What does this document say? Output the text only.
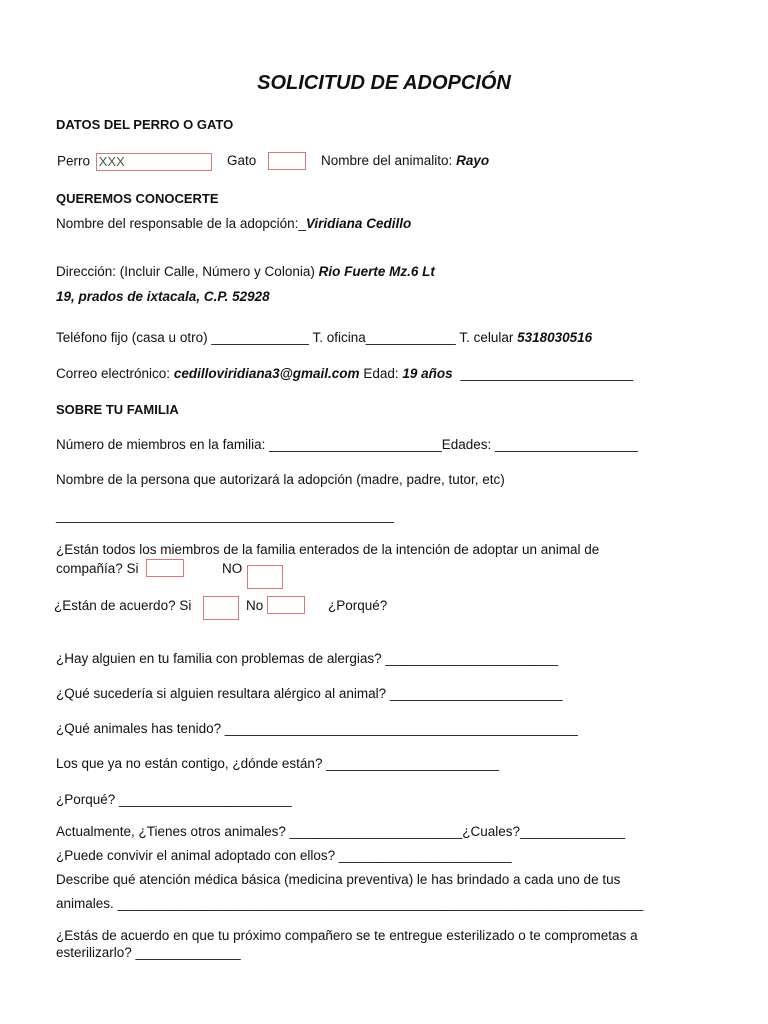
SOLICITUD DE ADOPCIÓN
DATOS DEL PERRO O GATO
Perro XXX	Gato	Nombre del animalito: Rayo
QUEREMOS CONOCERTE
Nombre del responsable de la adopción:_Viridiana Cedillo
Dirección: (Incluir Calle, Número y Colonia) Rio Fuerte Mz.6 Lt
19, prados de ixtacala, C.P. 52928
Teléfono fijo (casa u otro) _____________ T. oficina____________ T. celular 5318030516
Correo electrónico: cedilloviridiana3@gmail.com Edad: 19 años _______________________
SOBRE TU FAMILIA
Número de miembros en la familia: _______________________Edades: ___________________
Nombre de la persona que autorizará la adopción (madre, padre, tutor, etc)
_____________________________________________
¿Están todos los miembros de la familia enterados de la intención de adoptar un animal de
compañía? Si	NO
¿Están de acuerdo? Si	No	¿Porqué?
¿Hay alguien en tu familia con problemas de alergias? _______________________
¿Qué sucedería si alguien resultara alérgico al animal? _______________________
¿Qué animales has tenido? _______________________________________________
Los que ya no están contigo, ¿dónde están? _______________________
¿Porqué? _______________________
Actualmente, ¿Tienes otros animales? _______________________¿Cuales?______________
¿Puede convivir el animal adoptado con ellos? _______________________
Describe qué atención médica básica (medicina preventiva) le has brindado a cada uno de tus
animales. ______________________________________________________________________
¿Estás de acuerdo en que tu próximo compañero se te entregue esterilizado o te comprometas a
esterilizarlo? ______________
